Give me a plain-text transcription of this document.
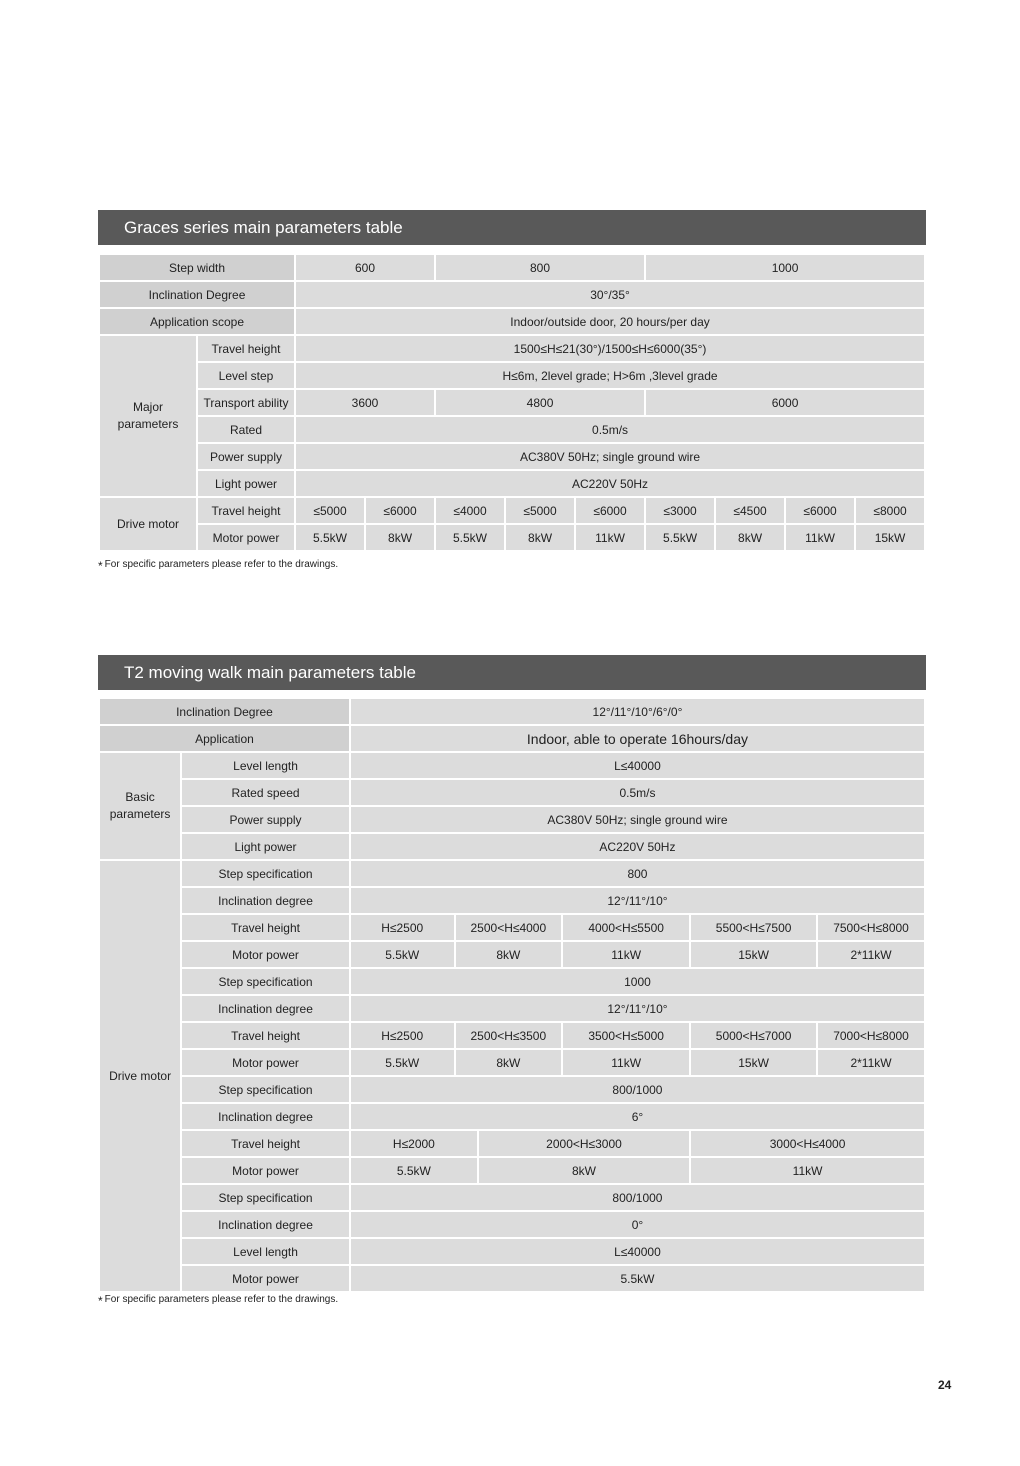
Graces series main parameters table
Step width		600		800			1000			
Inclination Degree		30°/35°								
Application scope		Indoor/outside door, 20 hours/per day								
Major parameters	Travel height	1500≤H≤21(30°)/1500≤H≤6000(35°)								
	Level step	H≤6m, 2level grade; H>6m ,3level grade								
	Transport ability	3600		4800			6000			
	Rated	0.5m/s								
	Power supply	AC380V 50Hz; single ground wire								
	Light power	AC220V 50Hz								
Drive motor	Travel height	≤5000	≤6000	≤4000	≤5000	≤6000	≤3000	≤4500	≤6000	≤8000
	Motor power	5.5kW	8kW	5.5kW	8kW	11kW	5.5kW	8kW	11kW	15kW
* For specific parameters please refer to the drawings.
T2 moving walk main parameters table
Inclination Degree		12°/11°/10°/6°/0°					
Application		Indoor, able to operate 16hours/day					
Basic parameters	Level length	L≤40000					
	Rated speed	0.5m/s					
	Power supply	AC380V 50Hz; single ground wire					
	Light power	AC220V 50Hz					
Drive motor	Step specification	800					
	Inclination degree	12°/11°/10°					
	Travel height	H≤2500	2500<H≤4000		4000<H≤5500	5500<H≤7500	7500<H≤8000
	Motor power	5.5kW	8kW		11kW	15kW	2*11kW
	Step specification	1000					
	Inclination degree	12°/11°/10°					
	Travel height	H≤2500	2500<H≤3500		3500<H≤5000	5000<H≤7000	7000<H≤8000
	Motor power	5.5kW	8kW		11kW	15kW	2*11kW
	Step specification	800/1000					
	Inclination degree	6°					
	Travel height	H≤2000		2000<H≤3000		3000<H≤4000	
	Motor power	5.5kW		8kW		11kW	
	Step specification	800/1000					
	Inclination degree	0°					
	Level length	L≤40000					
	Motor power	5.5kW					
* For specific parameters please refer to the drawings.
24
